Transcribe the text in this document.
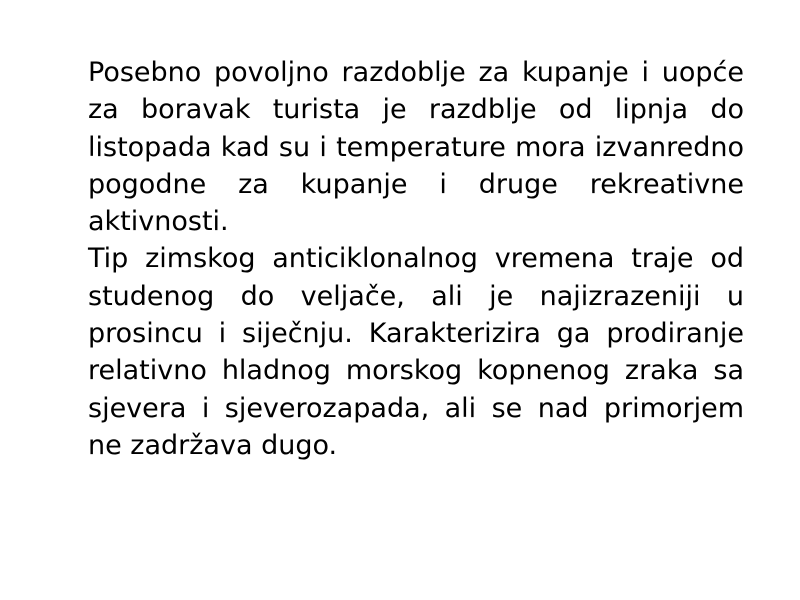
Posebno povoljno razdoblje za kupanje i uopće za boravak turista je razdblje od lipnja do listopada kad su i temperature mora izvanredno pogodne za kupanje i druge rekreativne aktivnosti.

Tip zimskog anticiklonalnog vremena traje od studenog do veljače, ali je najizrazeniji u prosincu i siječnju. Karakterizira ga prodiranje relativno hladnog morskog kopnenog zraka sa sjevera i sjeverozapada, ali se nad primorjem ne zadržava dugo.
